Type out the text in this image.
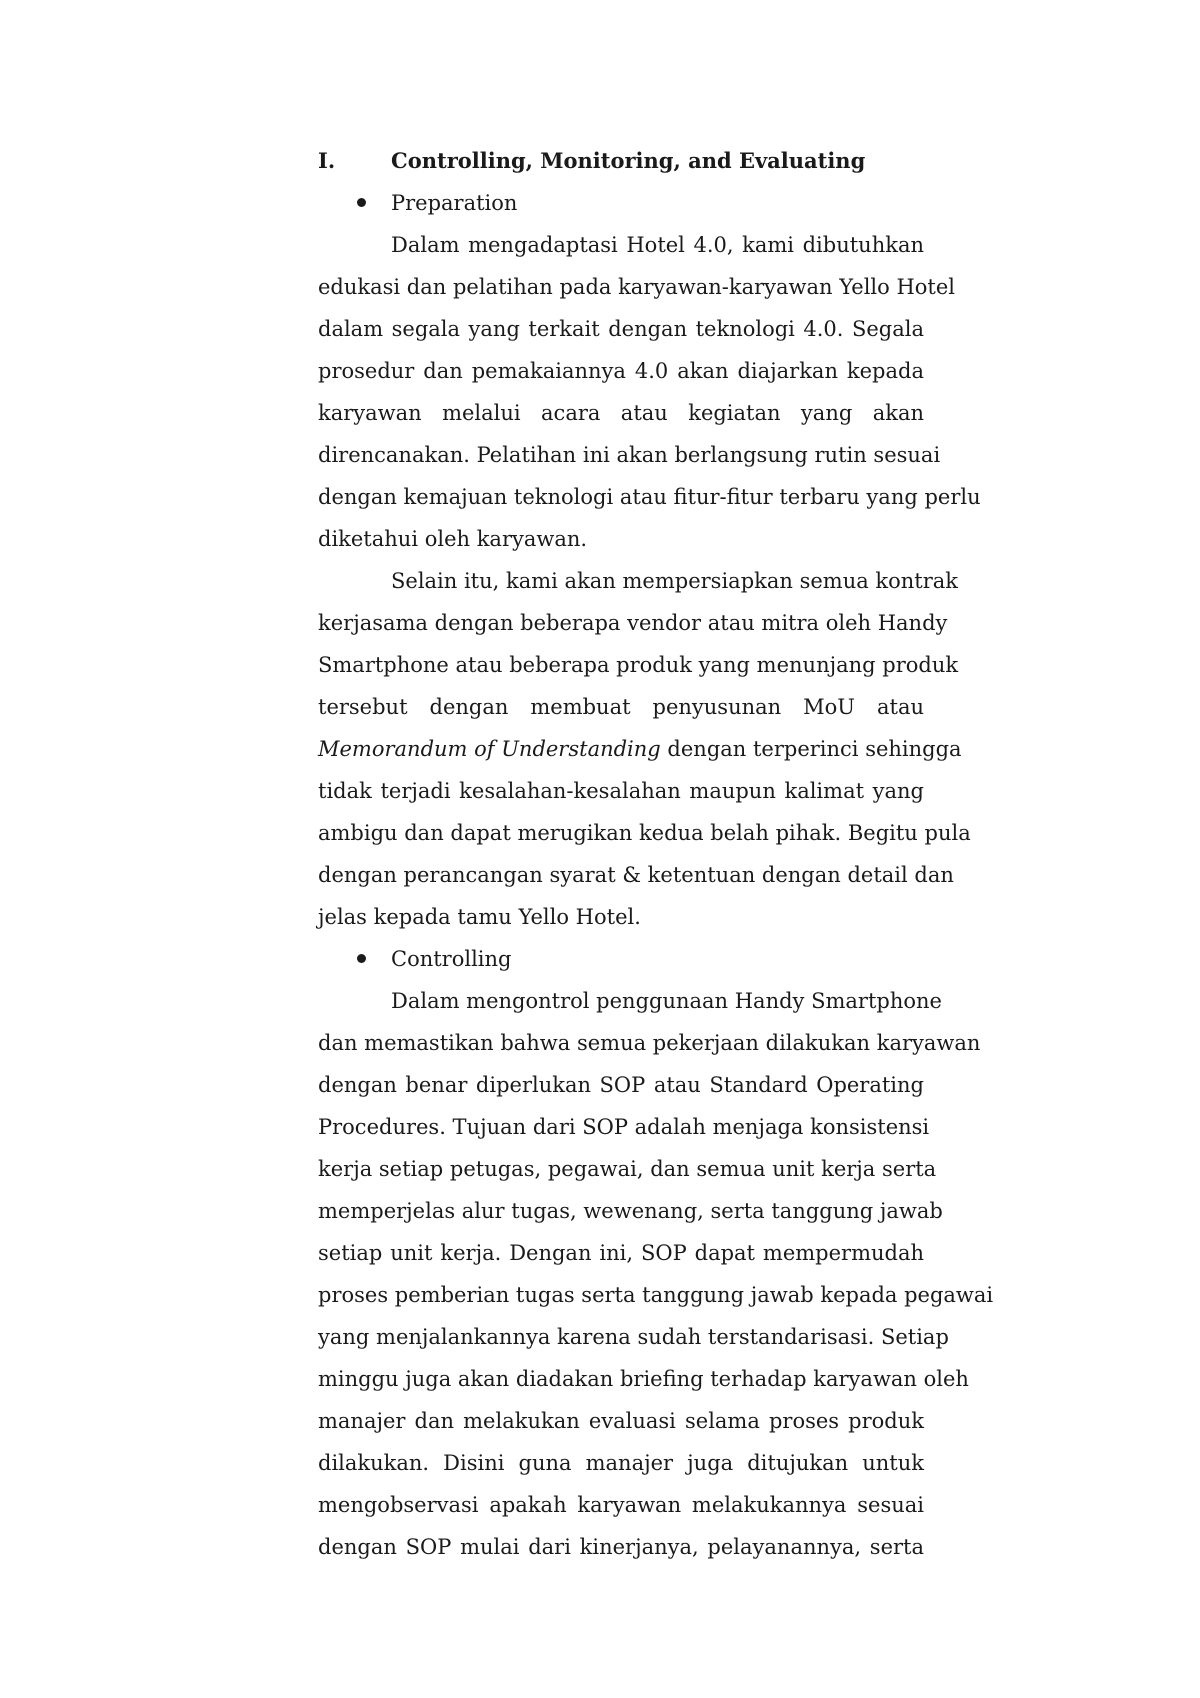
I.	Controlling, Monitoring, and Evaluating
Preparation
Dalam mengadaptasi Hotel 4.0, kami dibutuhkan
edukasi dan pelatihan pada karyawan-karyawan Yello Hotel
dalam segala yang terkait dengan teknologi 4.0. Segala
prosedur dan pemakaiannya 4.0 akan diajarkan kepada
karyawan melalui acara atau kegiatan yang akan
direncanakan. Pelatihan ini akan berlangsung rutin sesuai
dengan kemajuan teknologi atau fitur-fitur terbaru yang perlu
diketahui oleh karyawan.
Selain itu, kami akan mempersiapkan semua kontrak
kerjasama dengan beberapa vendor atau mitra oleh Handy
Smartphone atau beberapa produk yang menunjang produk
tersebut dengan membuat penyusunan MoU atau
Memorandum of Understanding dengan terperinci sehingga
tidak terjadi kesalahan-kesalahan maupun kalimat yang
ambigu dan dapat merugikan kedua belah pihak. Begitu pula
dengan perancangan syarat & ketentuan dengan detail dan
jelas kepada tamu Yello Hotel.
Controlling
Dalam mengontrol penggunaan Handy Smartphone
dan memastikan bahwa semua pekerjaan dilakukan karyawan
dengan benar diperlukan SOP atau Standard Operating
Procedures. Tujuan dari SOP adalah menjaga konsistensi
kerja setiap petugas, pegawai, dan semua unit kerja serta
memperjelas alur tugas, wewenang, serta tanggung jawab
setiap unit kerja. Dengan ini, SOP dapat mempermudah
proses pemberian tugas serta tanggung jawab kepada pegawai
yang menjalankannya karena sudah terstandarisasi. Setiap
minggu juga akan diadakan briefing terhadap karyawan oleh
manajer dan melakukan evaluasi selama proses produk
dilakukan. Disini guna manajer juga ditujukan untuk
mengobservasi apakah karyawan melakukannya sesuai
dengan SOP mulai dari kinerjanya, pelayanannya, serta
